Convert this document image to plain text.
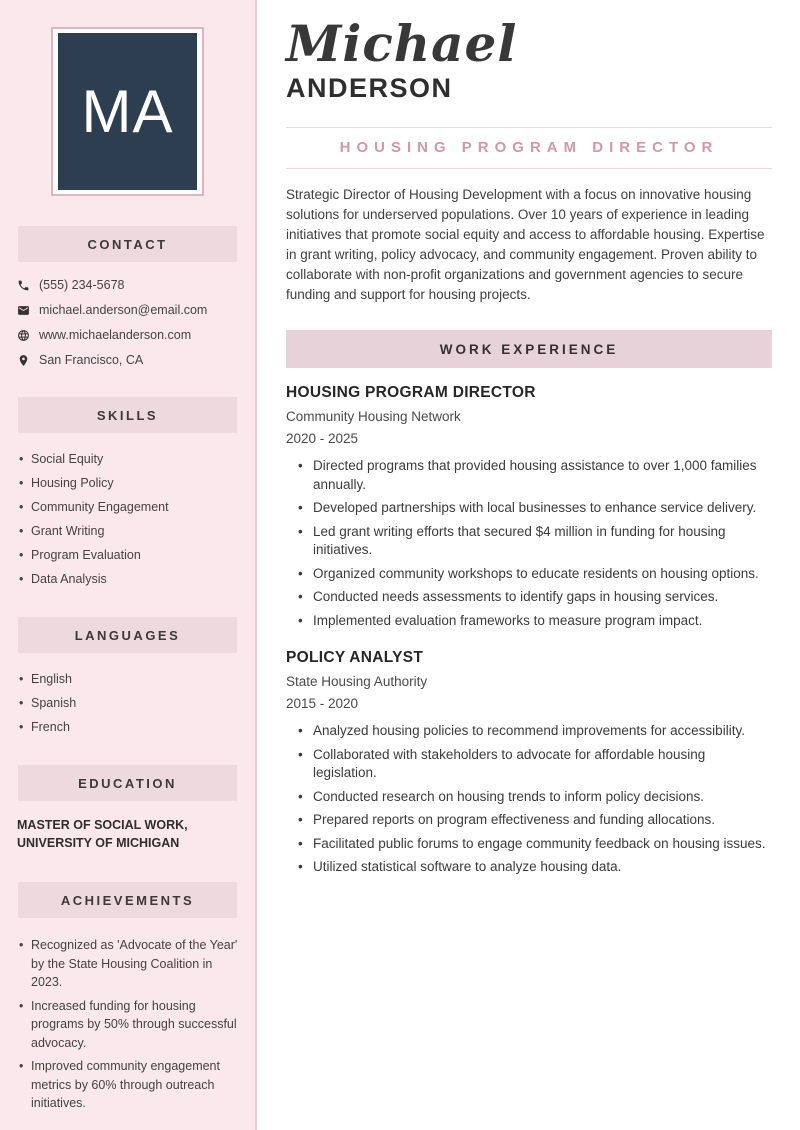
MA
CONTACT
(555) 234-5678
michael.anderson@email.com
www.michaelanderson.com
San Francisco, CA
SKILLS
• Social Equity
• Housing Policy
• Community Engagement
• Grant Writing
• Program Evaluation
• Data Analysis
LANGUAGES
• English
• Spanish
• French
EDUCATION
MASTER OF SOCIAL WORK,
UNIVERSITY OF MICHIGAN
ACHIEVEMENTS
• Recognized as 'Advocate of the Year' by the State Housing Coalition in 2023.
• Increased funding for housing programs by 50% through successful advocacy.
• Improved community engagement metrics by 60% through outreach initiatives.
Michael
ANDERSON
HOUSING PROGRAM DIRECTOR

Strategic Director of Housing Development with a focus on innovative housing solutions for underserved populations. Over 10 years of experience in leading initiatives that promote social equity and access to affordable housing. Expertise in grant writing, policy advocacy, and community engagement. Proven ability to collaborate with non-profit organizations and government agencies to secure funding and support for housing projects.

WORK EXPERIENCE
HOUSING PROGRAM DIRECTOR
Community Housing Network
2020 - 2025
• Directed programs that provided housing assistance to over 1,000 families annually.
• Developed partnerships with local businesses to enhance service delivery.
• Led grant writing efforts that secured $4 million in funding for housing initiatives.
• Organized community workshops to educate residents on housing options.
• Conducted needs assessments to identify gaps in housing services.
• Implemented evaluation frameworks to measure program impact.
POLICY ANALYST
State Housing Authority
2015 - 2020
• Analyzed housing policies to recommend improvements for accessibility.
• Collaborated with stakeholders to advocate for affordable housing legislation.
• Conducted research on housing trends to inform policy decisions.
• Prepared reports on program effectiveness and funding allocations.
• Facilitated public forums to engage community feedback on housing issues.
• Utilized statistical software to analyze housing data.
